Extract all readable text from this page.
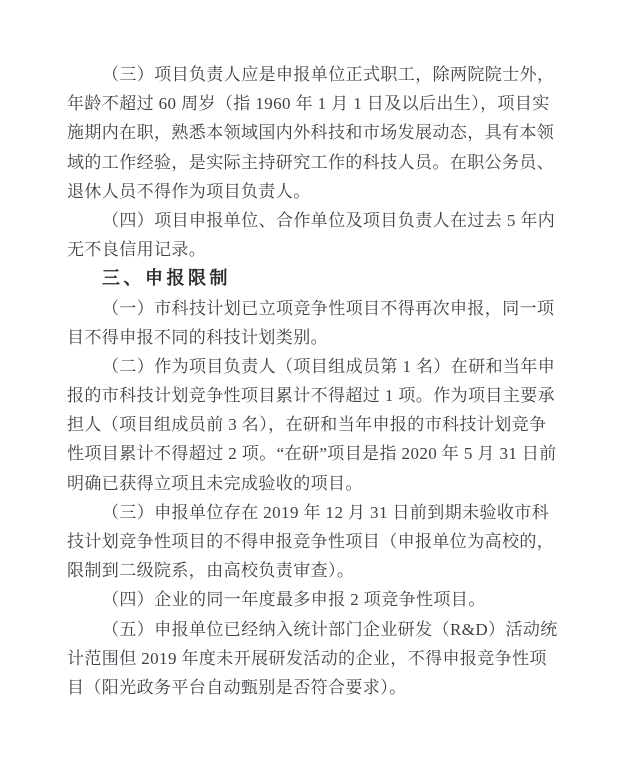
（三）项目负责人应是申报单位正式职工，除两院院士外，
年龄不超过 60 周岁（指 1960 年 1 月 1 日及以后出生），项目实
施期内在职，熟悉本领域国内外科技和市场发展动态，具有本领
域的工作经验，是实际主持研究工作的科技人员。在职公务员、
退休人员不得作为项目负责人。
（四）项目申报单位、合作单位及项目负责人在过去 5 年内
无不良信用记录。
三、申报限制
（一）市科技计划已立项竞争性项目不得再次申报，同一项
目不得申报不同的科技计划类别。
（二）作为项目负责人（项目组成员第 1 名）在研和当年申
报的市科技计划竞争性项目累计不得超过 1 项。作为项目主要承
担人（项目组成员前 3 名），在研和当年申报的市科技计划竞争
性项目累计不得超过 2 项。“在研”项目是指 2020 年 5 月 31 日前
明确已获得立项且未完成验收的项目。
（三）申报单位存在 2019 年 12 月 31 日前到期未验收市科
技计划竞争性项目的不得申报竞争性项目（申报单位为高校的，
限制到二级院系，由高校负责审查）。
（四）企业的同一年度最多申报 2 项竞争性项目。
（五）申报单位已经纳入统计部门企业研发（R&D）活动统
计范围但 2019 年度未开展研发活动的企业，不得申报竞争性项
目（阳光政务平台自动甄别是否符合要求）。
